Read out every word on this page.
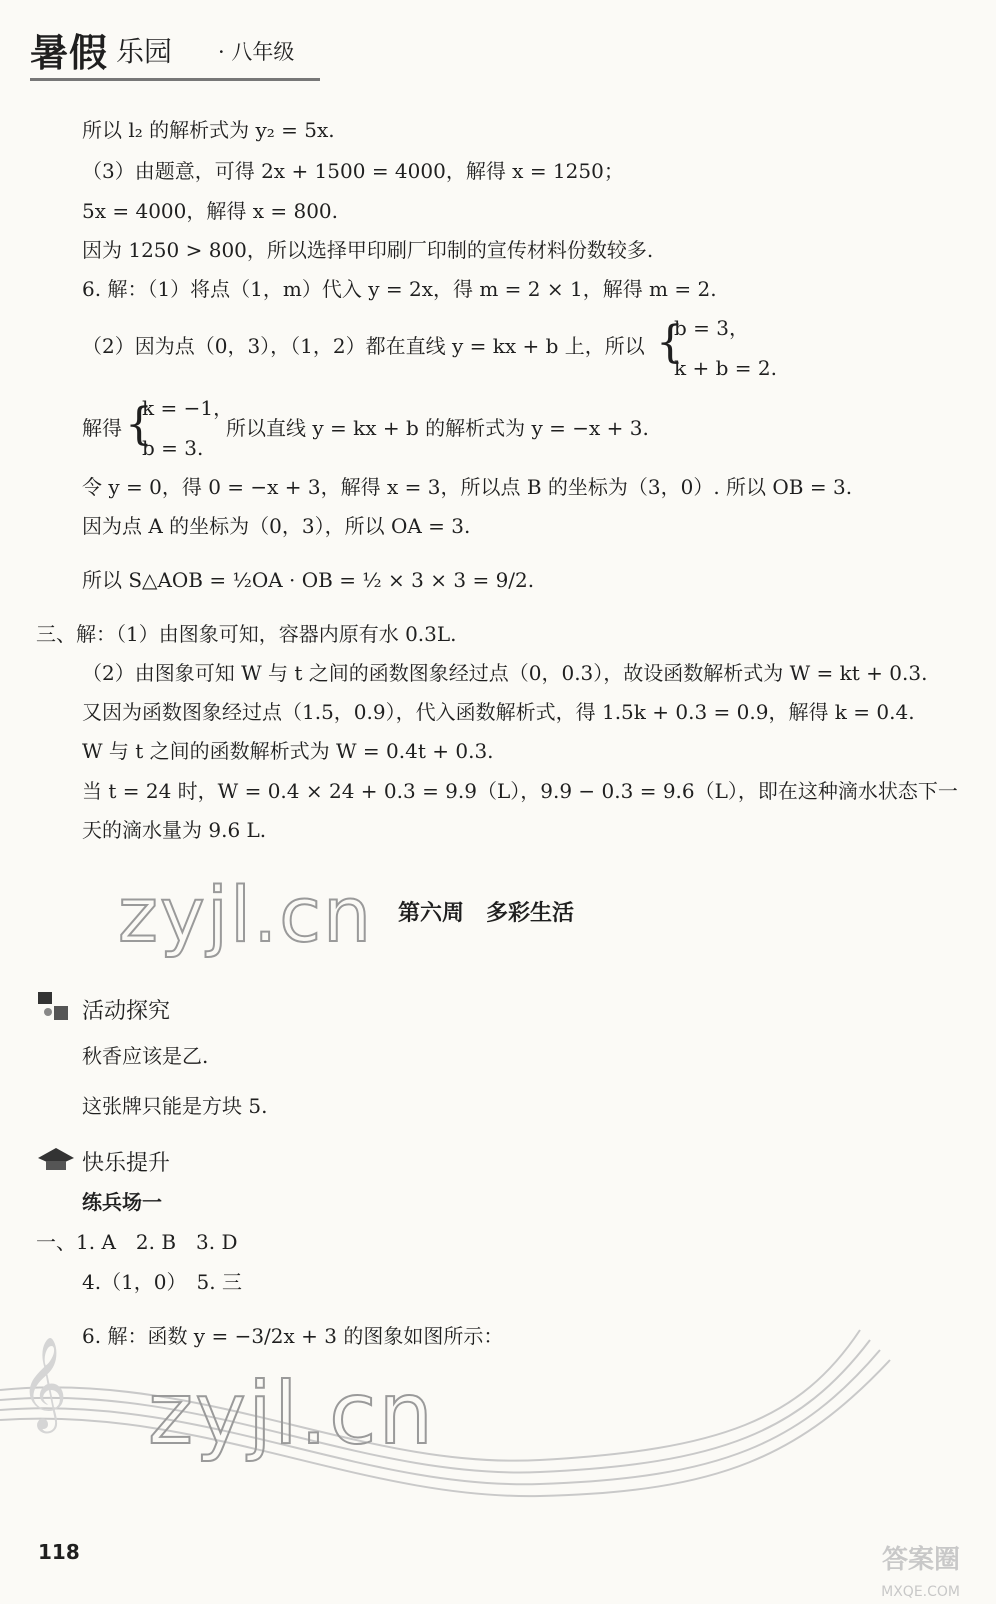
暑假 乐园 · 八年级
所以 l₂ 的解析式为 y₂ = 5x.
（3）由题意，可得 2x + 1500 = 4000，解得 x = 1250；
5x = 4000，解得 x = 800.
因为 1250 > 800，所以选择甲印刷厂印制的宣传材料份数较多.
6. 解：（1）将点（1，m）代入 y = 2x，得 m = 2 × 1，解得 m = 2.
（2）因为点（0，3），（1，2）都在直线 y = kx + b 上，所以 {
b = 3，
k + b = 2.
解得 {
k = −1，
b = 3.
所以直线 y = kx + b 的解析式为 y = −x + 3.
令 y = 0，得 0 = −x + 3，解得 x = 3，所以点 B 的坐标为（3，0）. 所以 OB = 3.
因为点 A 的坐标为（0，3），所以 OA = 3.
所以 S△AOB = ½OA · OB = ½ × 3 × 3 = 9/2.
三、解：（1）由图象可知，容器内原有水 0.3L.
（2）由图象可知 W 与 t 之间的函数图象经过点（0，0.3），故设函数解析式为 W = kt + 0.3.
又因为函数图象经过点（1.5，0.9），代入函数解析式，得 1.5k + 0.3 = 0.9，解得 k = 0.4.
W 与 t 之间的函数解析式为 W = 0.4t + 0.3.
当 t = 24 时，W = 0.4 × 24 + 0.3 = 9.9（L），9.9 − 0.3 = 9.6（L），即在这种滴水状态下一
天的滴水量为 9.6 L.
zyjl.cn 第六周　多彩生活
活动探究
秋香应该是乙.
这张牌只能是方块 5.
快乐提升
练兵场一
一、1. A　2. B　3. D
4.（1，0）　5. 三
6. 解：函数 y = −3/2x + 3 的图象如图所示：
𝄞 zyjl.cn
118	答案圈
MXQE.COM
